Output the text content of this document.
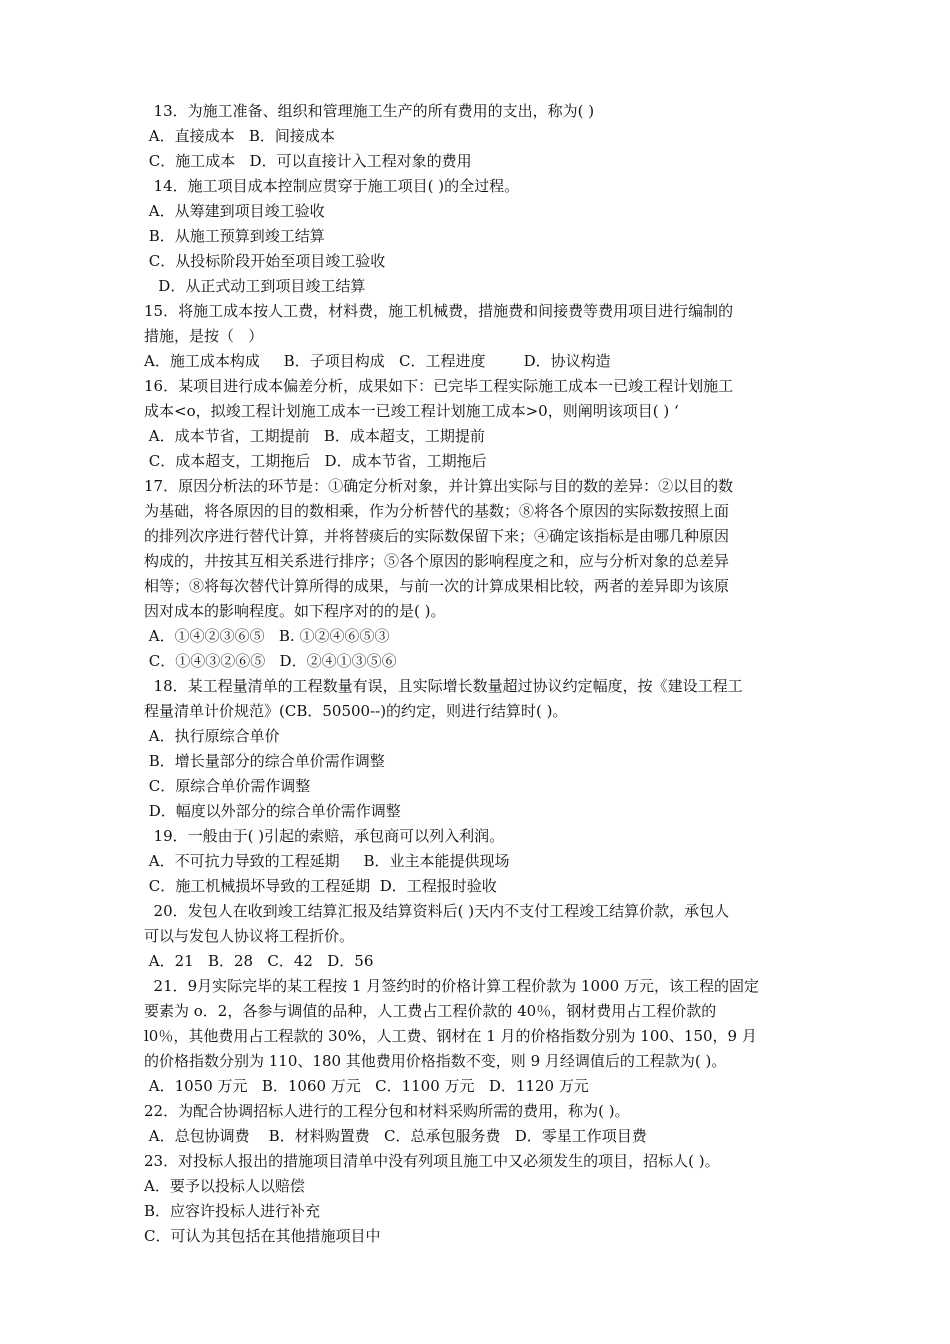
13．为施工准备、组织和管理施工生产的所有费用的支出，称为( )
A．直接成本   B．间接成本
C．施工成本   D．可以直接计入工程对象的费用
14．施工项目成本控制应贯穿于施工项目( )的全过程。
A．从筹建到项目竣工验收
B．从施工预算到竣工结算
C．从投标阶段开始至项目竣工验收
D．从正式动工到项目竣工结算
15．将施工成本按人工费，材料费，施工机械费，措施费和间接费等费用项目进行编制的
措施，是按（   ）
A．施工成本构成     B．子项目构成   C．工程进度        D．协议构造
16．某项目进行成本偏差分析，成果如下：已完毕工程实际施工成本一已竣工程计划施工
成本<o，拟竣工程计划施工成本一已竣工程计划施工成本>0，则阐明该项目( ) ‘
A．成本节省，工期提前   B．成本超支，工期提前
C．成本超支，工期拖后   D．成本节省，工期拖后
17．原因分析法的环节是：①确定分析对象，并计算出实际与目的数的差异：②以目的数
为基础，将各原因的目的数相乘，作为分析替代的基数；⑧将各个原因的实际数按照上面
的排列次序进行替代计算，并将替痰后的实际数保留下来；④确定该指标是由哪几种原因
构成的，井按其互相关系进行排序；⑤各个原因的影响程度之和，应与分析对象的总差异
相等；⑧将每次替代计算所得的成果，与前一次的计算成果相比较，两者的差异即为该原
因对成本的影响程度。如下程序对的的是( )。
A．①④②③⑥⑤   B. ①②④⑥⑤③
C．①④③②⑥⑤   D．②④①③⑤⑥
18．某工程量清单的工程数量有误，且实际增长数量超过协议约定幅度，按《建设工程工
程量清单计价规范》(CB．50500--)的约定，则进行结算时( )。
A．执行原综合单价
B．增长量部分的综合单价需作调整
C．原综合单价需作调整
D．幅度以外部分的综合单价需作调整
19．一般由于( )引起的索赔，承包商可以列入利润。
A．不可抗力导致的工程延期     B．业主本能提供现场
C．施工机械损坏导致的工程延期  D．工程报时验收
20．发包人在收到竣工结算汇报及结算资料后( )天内不支付工程竣工结算价款，承包人
可以与发包人协议将工程折价。
A．21   B．28   C．42   D．56
21．9月实际完毕的某工程按 1 月签约时的价格计算工程价款为 1000 万元，该工程的固定
要素为 o．2，各参与调值的品种，人工费占工程价款的 40％，钢材费用占工程价款的
l0％，其他费用占工程款的 30%，人工费、钢材在 1 月的价格指数分别为 100、150，9 月
的价格指数分别为 110、180 其他费用价格指数不变，则 9 月经调值后的工程款为( )。
A．1050 万元   B．1060 万元   C．1100 万元   D．1120 万元
22．为配合协调招标人进行的工程分包和材料采购所需的费用，称为( )。
A．总包协调费    B．材料购置费   C．总承包服务费   D．零星工作项目费
23．对投标人报出的措施项目清单中没有列项且施工中又必须发生的项目，招标人( )。
A．要予以投标人以赔偿
B．应容许投标人进行补充
C．可认为其包括在其他措施项目中
